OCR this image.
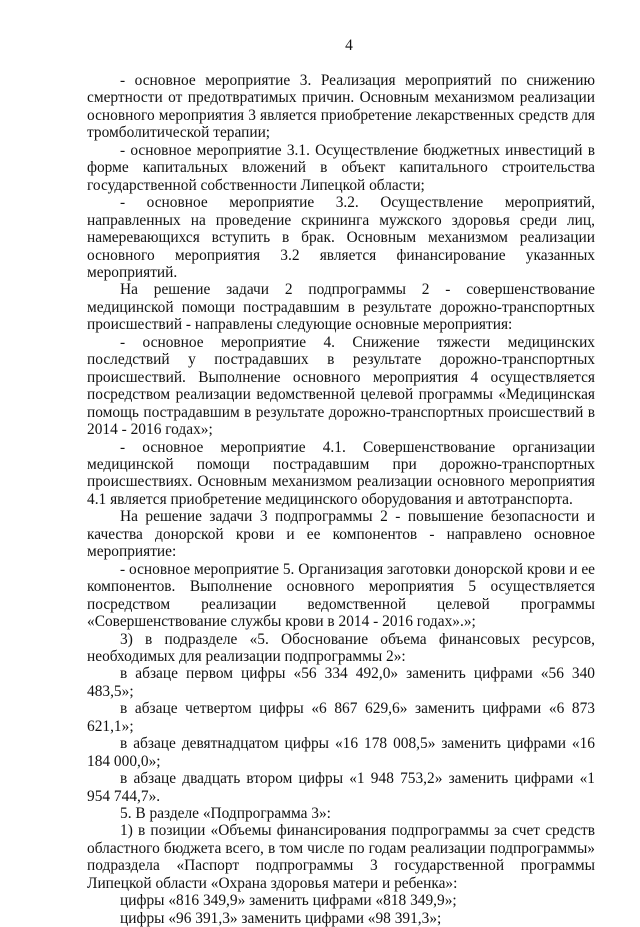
4

- основное мероприятие 3. Реализация мероприятий по снижению смертности от предотвратимых причин. Основным механизмом реализации основного мероприятия 3 является приобретение лекарственных средств для тромболитической терапии;

- основное мероприятие 3.1. Осуществление бюджетных инвестиций в форме капитальных вложений в объект капитального строительства государственной собственности Липецкой области;

- основное мероприятие 3.2. Осуществление мероприятий, направленных на проведение скрининга мужского здоровья среди лиц, намеревающихся вступить в брак. Основным механизмом реализации основного мероприятия 3.2 является финансирование указанных мероприятий.

На решение задачи 2 подпрограммы 2 - совершенствование медицинской помощи пострадавшим в результате дорожно-транспортных происшествий - направлены следующие основные мероприятия:

- основное мероприятие 4. Снижение тяжести медицинских последствий у пострадавших в результате дорожно-транспортных происшествий. Выполнение основного мероприятия 4 осуществляется посредством реализации ведомственной целевой программы «Медицинская помощь пострадавшим в результате дорожно-транспортных происшествий в 2014 - 2016 годах»;

- основное мероприятие 4.1. Совершенствование организации медицинской помощи пострадавшим при дорожно-транспортных происшествиях. Основным механизмом реализации основного мероприятия 4.1 является приобретение медицинского оборудования и автотранспорта.

На решение задачи 3 подпрограммы 2 - повышение безопасности и качества донорской крови и ее компонентов - направлено основное мероприятие:

- основное мероприятие 5. Организация заготовки донорской крови и ее компонентов. Выполнение основного мероприятия 5 осуществляется посредством реализации ведомственной целевой программы «Совершенствование службы крови в 2014 - 2016 годах».»;

3) в подразделе «5. Обоснование объема финансовых ресурсов, необходимых для реализации подпрограммы 2»:

в абзаце первом цифры «56 334 492,0» заменить цифрами «56 340 483,5»;

в абзаце четвертом цифры «6 867 629,6» заменить цифрами «6 873 621,1»;

в абзаце девятнадцатом цифры «16 178 008,5» заменить цифрами «16 184 000,0»;

в абзаце двадцать втором цифры «1 948 753,2» заменить цифрами «1 954 744,7».

5. В разделе «Подпрограмма 3»:

1) в позиции «Объемы финансирования подпрограммы за счет средств областного бюджета всего, в том числе по годам реализации подпрограммы» подраздела «Паспорт подпрограммы 3 государственной программы Липецкой области «Охрана здоровья матери и ребенка»:

цифры «816 349,9» заменить цифрами «818 349,9»;

цифры «96 391,3» заменить цифрами «98 391,3»;
